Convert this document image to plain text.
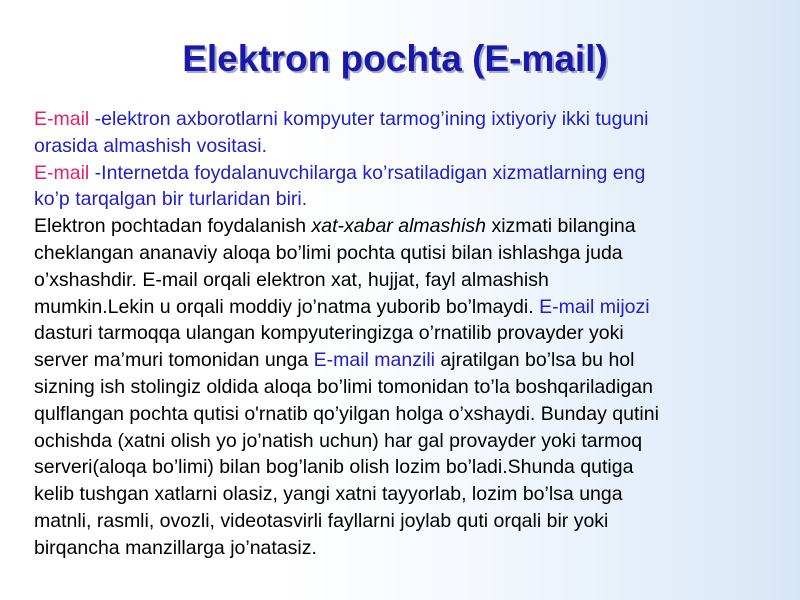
Elektron pochta (E-mail)
E-mail -elektron axborotlarni kompyuter tarmog’ining ixtiyoriy ikki tuguni
orasida almashish vositasi.
E-mail -Internetda foydalanuvchilarga ko’rsatiladigan xizmatlarning eng
ko’p tarqalgan bir turlaridan biri.
Elektron pochtadan foydalanish xat-xabar almashish xizmati bilangina
cheklangan ananaviy aloqa bo’limi pochta qutisi bilan ishlashga juda
o’xshashdir. E-mail orqali elektron xat, hujjat, fayl almashish
mumkin.Lekin u orqali moddiy jo’natma yuborib bo’lmaydi. E-mail mijozi
dasturi tarmoqqa ulangan kompyuteringizga o’rnatilib provayder yoki
server ma’muri tomonidan unga E-mail manzili ajratilgan bo’lsa bu hol
sizning ish stolingiz oldida aloqa bo’limi tomonidan to’la boshqariladigan
qulflangan pochta qutisi o'rnatib qo’yilgan holga o’xshaydi. Bunday qutini
ochishda (xatni olish yo jo’natish uchun) har gal provayder yoki tarmoq
serveri(aloqa bo’limi) bilan bog’lanib olish lozim bo’ladi.Shunda qutiga
kelib tushgan xatlarni olasiz, yangi xatni tayyorlab, lozim bo’lsa unga
matnli, rasmli, ovozli, videotasvirli fayllarni joylab quti orqali bir yoki
birqancha manzillarga jo’natasiz.
